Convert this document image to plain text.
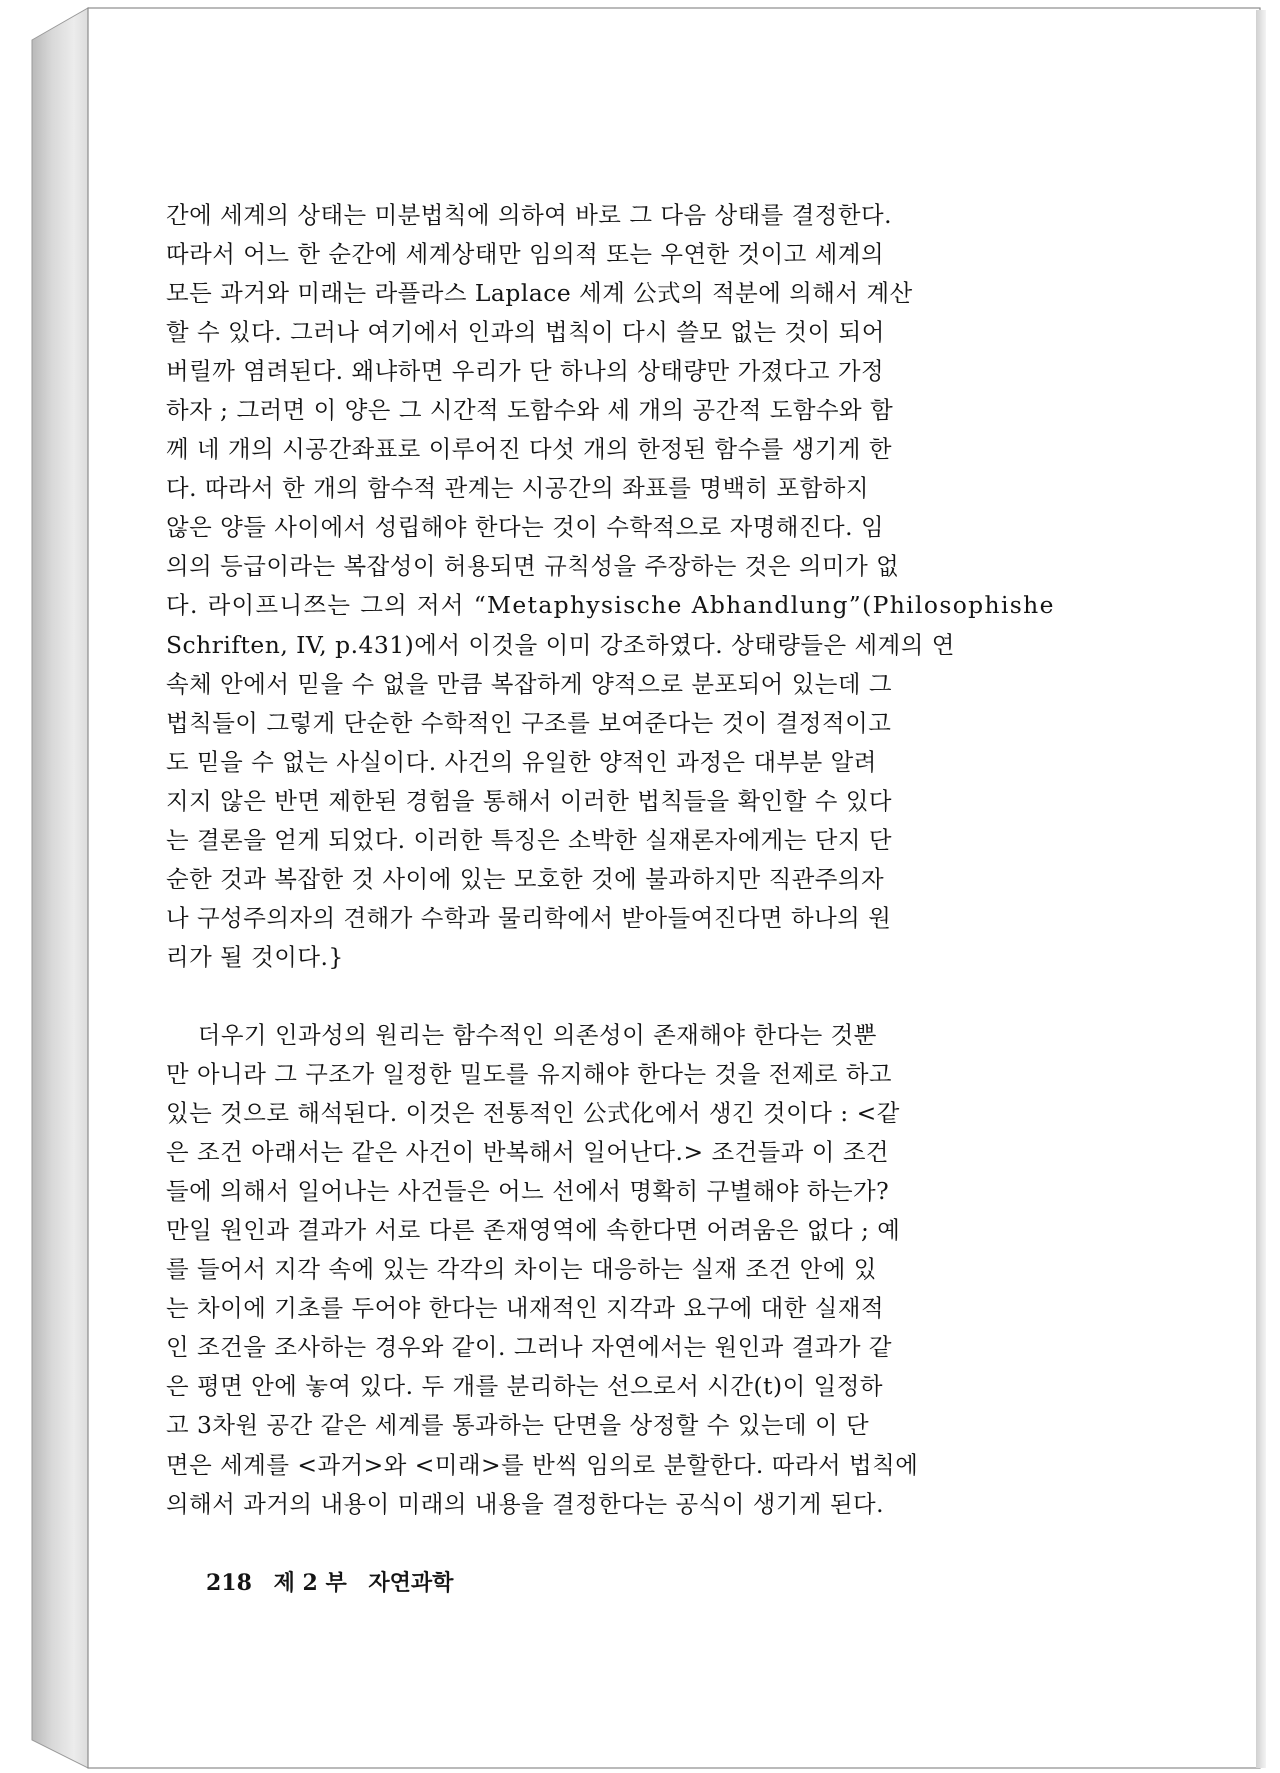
간에 세계의 상태는 미분법칙에 의하여 바로 그 다음 상태를 결정한다.
따라서 어느 한 순간에 세계상태만 임의적 또는 우연한 것이고 세계의
모든 과거와 미래는 라플라스 Laplace 세계 公式의 적분에 의해서 계산
할 수 있다. 그러나 여기에서 인과의 법칙이 다시 쓸모 없는 것이 되어
버릴까 염려된다. 왜냐하면 우리가 단 하나의 상태량만 가졌다고 가정
하자 ; 그러면 이 양은 그 시간적 도함수와 세 개의 공간적 도함수와 함
께 네 개의 시공간좌표로 이루어진 다섯 개의 한정된 함수를 생기게 한
다. 따라서 한 개의 함수적 관계는 시공간의 좌표를 명백히 포함하지
않은 양들 사이에서 성립해야 한다는 것이 수학적으로 자명해진다. 임
의의 등급이라는 복잡성이 허용되면 규칙성을 주장하는 것은 의미가 없
다. 라이프니쯔는 그의 저서 “Metaphysische Abhandlung”(Philosophishe
Schriften, IV, p.431)에서 이것을 이미 강조하였다. 상태량들은 세계의 연
속체 안에서 믿을 수 없을 만큼 복잡하게 양적으로 분포되어 있는데 그
법칙들이 그렇게 단순한 수학적인 구조를 보여준다는 것이 결정적이고
도 믿을 수 없는 사실이다. 사건의 유일한 양적인 과정은 대부분 알려
지지 않은 반면 제한된 경험을 통해서 이러한 법칙들을 확인할 수 있다
는 결론을 얻게 되었다. 이러한 특징은 소박한 실재론자에게는 단지 단
순한 것과 복잡한 것 사이에 있는 모호한 것에 불과하지만 직관주의자
나 구성주의자의 견해가 수학과 물리학에서 받아들여진다면 하나의 원
리가 될 것이다.}
더우기 인과성의 원리는 함수적인 의존성이 존재해야 한다는 것뿐
만 아니라 그 구조가 일정한 밀도를 유지해야 한다는 것을 전제로 하고
있는 것으로 해석된다. 이것은 전통적인 公式化에서 생긴 것이다 : <같
은 조건 아래서는 같은 사건이 반복해서 일어난다.> 조건들과 이 조건
들에 의해서 일어나는 사건들은 어느 선에서 명확히 구별해야 하는가?
만일 원인과 결과가 서로 다른 존재영역에 속한다면 어려움은 없다 ; 예
를 들어서 지각 속에 있는 각각의 차이는 대응하는 실재 조건 안에 있
는 차이에 기초를 두어야 한다는 내재적인 지각과 요구에 대한 실재적
인 조건을 조사하는 경우와 같이. 그러나 자연에서는 원인과 결과가 같
은 평면 안에 놓여 있다. 두 개를 분리하는 선으로서 시간(t)이 일정하
고 3차원 공간 같은 세계를 통과하는 단면을 상정할 수 있는데 이 단
면은 세계를 <과거>와 <미래>를 반씩 임의로 분할한다. 따라서 법칙에
의해서 과거의 내용이 미래의 내용을 결정한다는 공식이 생기게 된다.
218 제 2 부 자연과학
